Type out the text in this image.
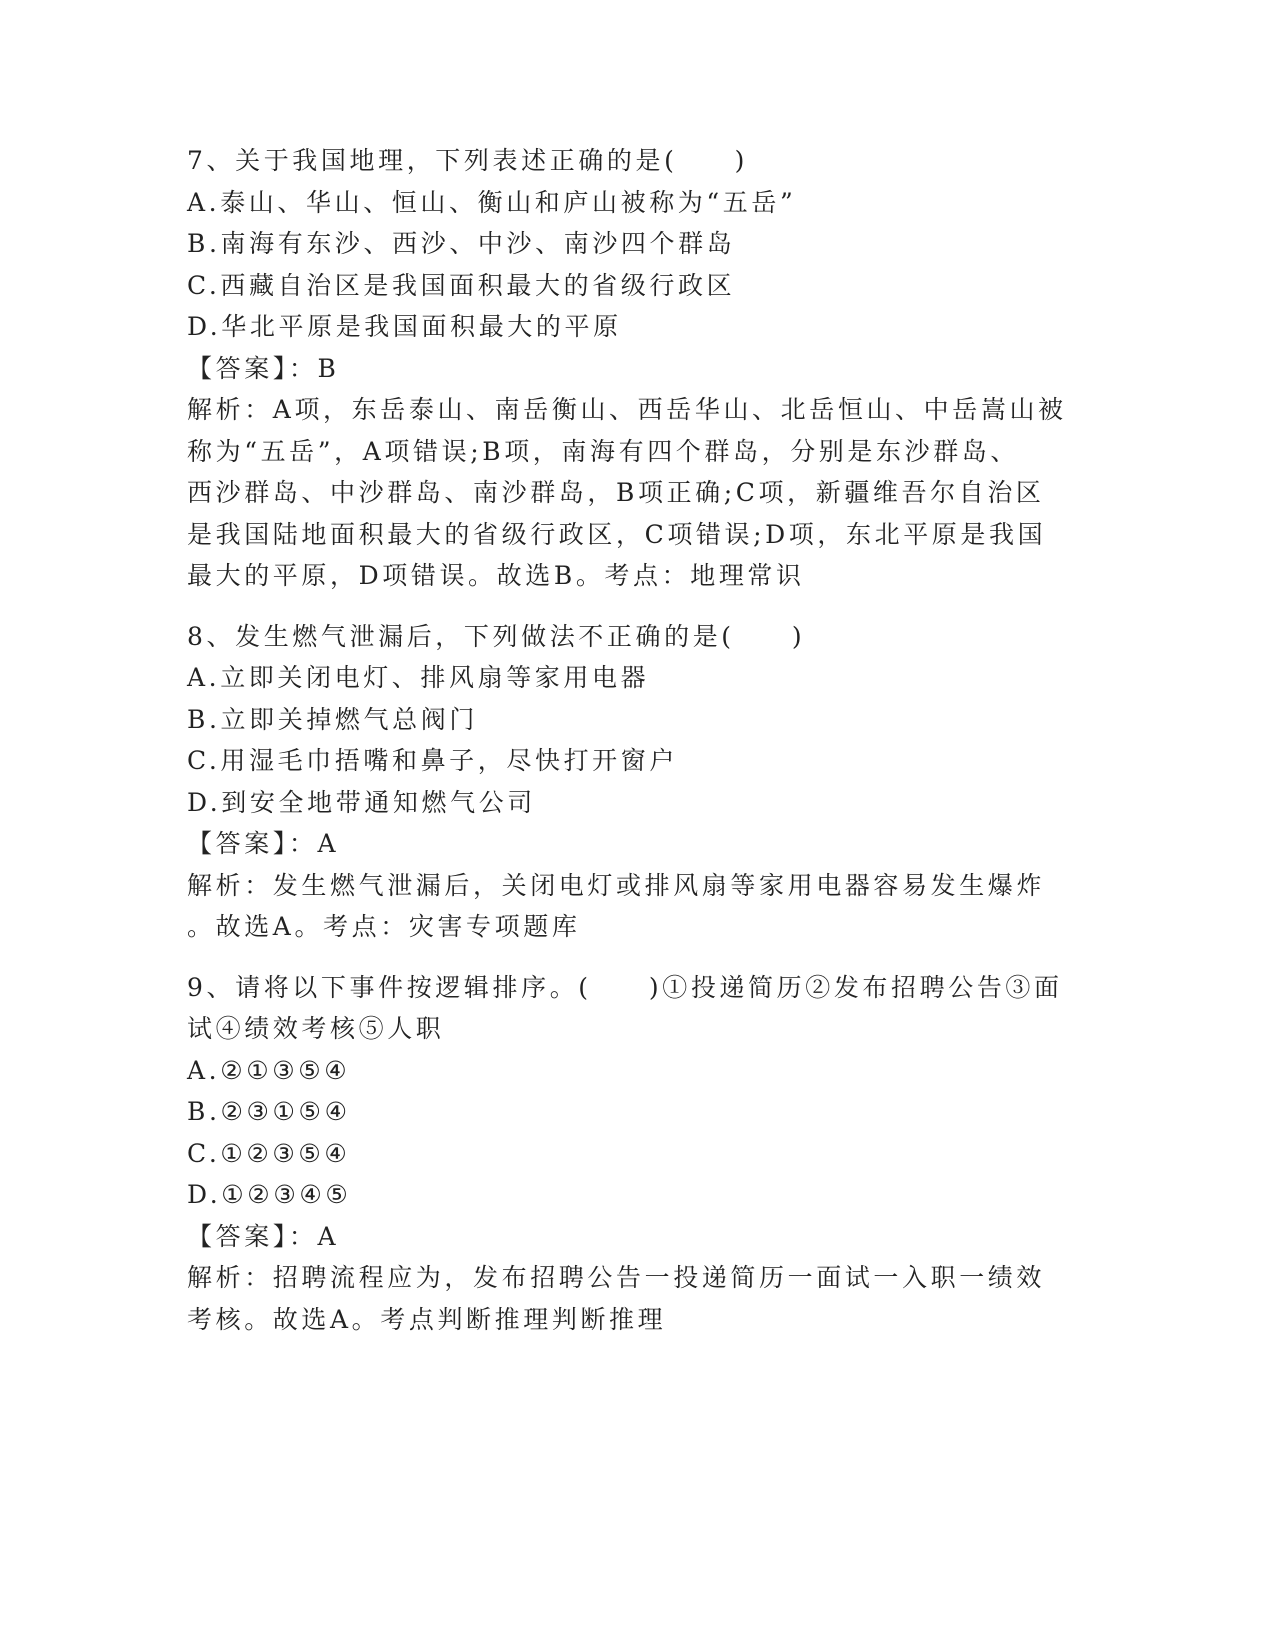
7、关于我国地理，下列表述正确的是(　　)
A.泰山、华山、恒山、衡山和庐山被称为“五岳”
B.南海有东沙、西沙、中沙、南沙四个群岛
C.西藏自治区是我国面积最大的省级行政区
D.华北平原是我国面积最大的平原
【答案】：B
解析：A项，东岳泰山、南岳衡山、西岳华山、北岳恒山、中岳嵩山被
称为“五岳”，A项错误;B项，南海有四个群岛，分别是东沙群岛、
西沙群岛、中沙群岛、南沙群岛，B项正确;C项，新疆维吾尔自治区
是我国陆地面积最大的省级行政区，C项错误;D项，东北平原是我国
最大的平原，D项错误。故选B。考点：地理常识
8、发生燃气泄漏后，下列做法不正确的是(　　)
A.立即关闭电灯、排风扇等家用电器
B.立即关掉燃气总阀门
C.用湿毛巾捂嘴和鼻子，尽快打开窗户
D.到安全地带通知燃气公司
【答案】：A
解析：发生燃气泄漏后，关闭电灯或排风扇等家用电器容易发生爆炸
。故选A。考点：灾害专项题库
9、请将以下事件按逻辑排序。(　　)①投递简历②发布招聘公告③面
试④绩效考核⑤人职
A.②①③⑤④
B.②③①⑤④
C.①②③⑤④
D.①②③④⑤
【答案】：A
解析：招聘流程应为，发布招聘公告一投递简历一面试一入职一绩效
考核。故选A。考点判断推理判断推理
